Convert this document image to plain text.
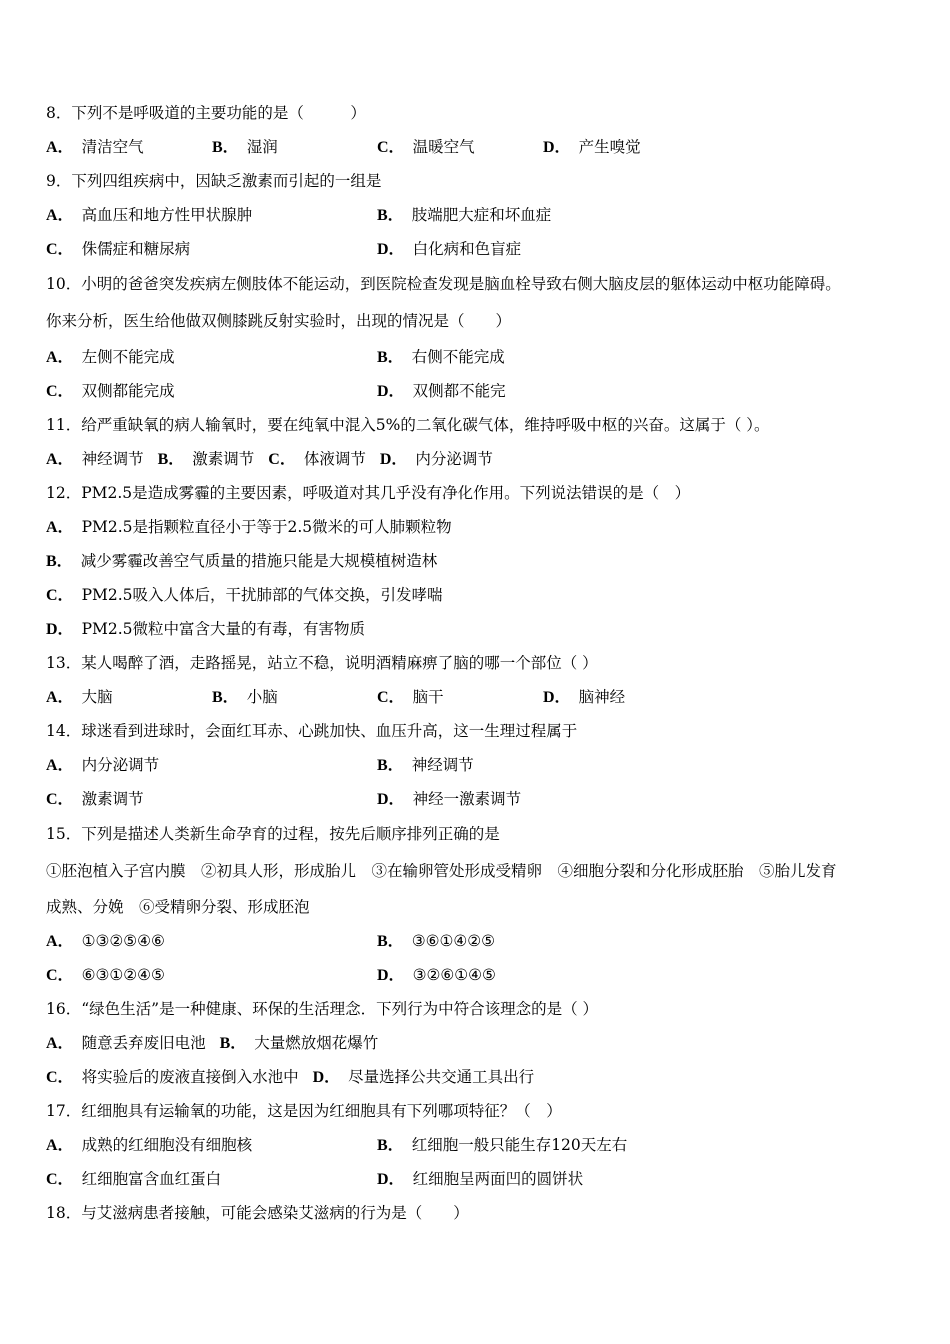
8．下列不是呼吸道的主要功能的是（　　　）
A． 清洁空气	B． 湿润	C． 温暖空气	D． 产生嗅觉
9．下列四组疾病中，因缺乏激素而引起的一组是
A． 高血压和地方性甲状腺肿	B． 肢端肥大症和坏血症
C． 侏儒症和糖尿病	D． 白化病和色盲症
10．小明的爸爸突发疾病左侧肢体不能运动，到医院检查发现是脑血栓导致右侧大脑皮层的躯体运动中枢功能障碍。
你来分析，医生给他做双侧膝跳反射实验时，出现的情况是（　　）
A． 左侧不能完成	B． 右侧不能完成
C． 双侧都能完成	D． 双侧都不能完
11．给严重缺氧的病人输氧时，要在纯氧中混入5%的二氧化碳气体，维持呼吸中枢的兴奋。这属于（ ）。
A． 神经调节 B． 激素调节 C． 体液调节 D． 内分泌调节
12．PM2.5是造成雾霾的主要因素，呼吸道对其几乎没有净化作用。下列说法错误的是（　）
A． PM2.5是指颗粒直径小于等于2.5微米的可人肺颗粒物
B． 减少雾霾改善空气质量的措施只能是大规模植树造林
C． PM2.5吸入人体后，干扰肺部的气体交换，引发哮喘
D． PM2.5微粒中富含大量的有毒，有害物质
13．某人喝醉了酒，走路摇晃，站立不稳，说明酒精麻痹了脑的哪一个部位（ ）
A． 大脑	B． 小脑	C． 脑干	D． 脑神经
14．球迷看到进球时，会面红耳赤、心跳加快、血压升高，这一生理过程属于
A． 内分泌调节	B． 神经调节
C． 激素调节	D． 神经一激素调节
15．下列是描述人类新生命孕育的过程，按先后顺序排列正确的是
①胚泡植入子宫内膜　②初具人形，形成胎儿　③在输卵管处形成受精卵　④细胞分裂和分化形成胚胎　⑤胎儿发育
成熟、分娩　⑥受精卵分裂、形成胚泡
A． ①③②⑤④⑥	B． ③⑥①④②⑤
C． ⑥③①②④⑤	D． ③②⑥①④⑤
16．“绿色生活”是一种健康、环保的生活理念．下列行为中符合该理念的是（ ）
A． 随意丢弃废旧电池 B． 大量燃放烟花爆竹
C． 将实验后的废液直接倒入水池中 D． 尽量选择公共交通工具出行
17．红细胞具有运输氧的功能，这是因为红细胞具有下列哪项特征？（　）
A． 成熟的红细胞没有细胞核	B． 红细胞一般只能生存120天左右
C． 红细胞富含血红蛋白	D． 红细胞呈两面凹的圆饼状
18．与艾滋病患者接触，可能会感染艾滋病的行为是（　　）
